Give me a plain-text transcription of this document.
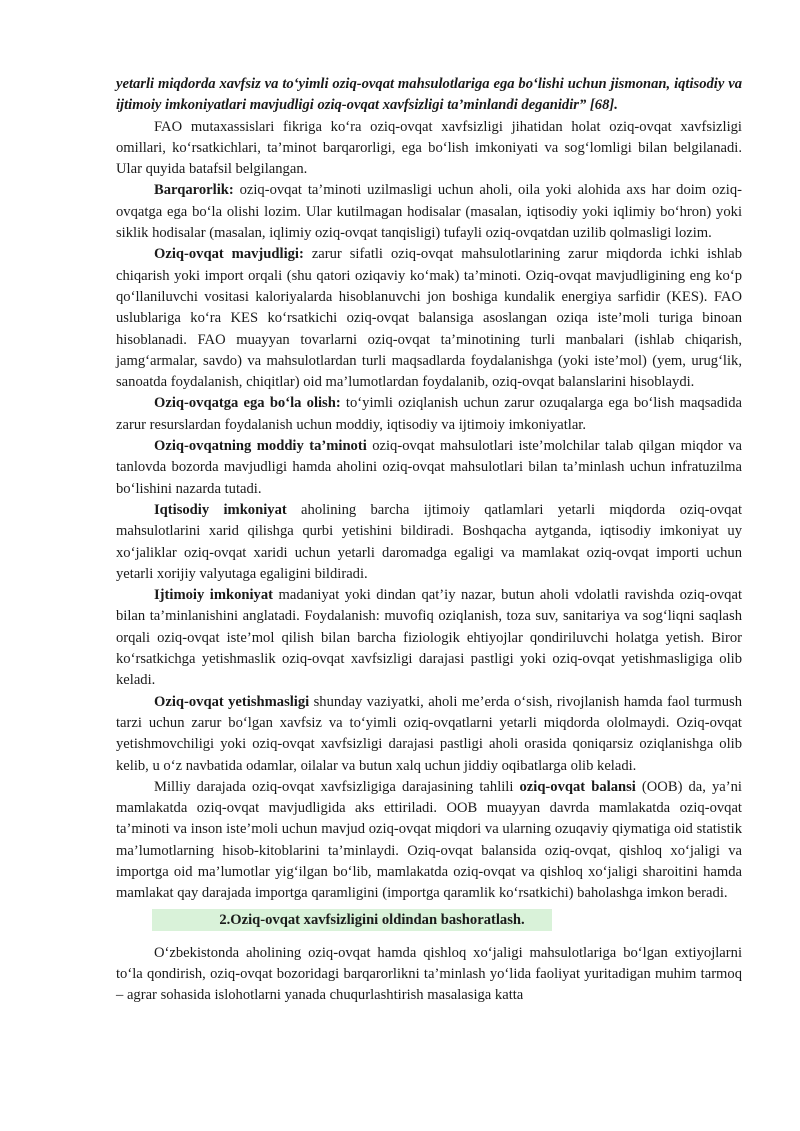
yetarli miqdorda xavfsiz va to‘yimli oziq-ovqat mahsulotlariga ega bo‘lishi uchun jismonan, iqtisodiy va ijtimoiy imkoniyatlari mavjudligi oziq-ovqat xavfsizligi ta’minlandi deganidir” [68].

FAO mutaxassislari fikriga ko‘ra oziq-ovqat xavfsizligi jihatidan holat oziq-ovqat xavfsizligi omillari, ko‘rsatkichlari, ta’minot barqarorligi, ega bo‘lish imkoniyati va sog‘lomligi bilan belgilanadi. Ular quyida batafsil belgilangan.

Barqarorlik: oziq-ovqat ta’minoti uzilmasligi uchun aholi, oila yoki alohida axs har doim oziq-ovqatga ega bo‘la olishi lozim. Ular kutilmagan hodisalar (masalan, iqtisodiy yoki iqlimiy bo‘hron) yoki siklik hodisalar (masalan, iqlimiy oziq-ovqat tanqisligi) tufayli oziq-ovqatdan uzilib qolmasligi lozim.

Oziq-ovqat mavjudligi: zarur sifatli oziq-ovqat mahsulotlarining zarur miqdorda ichki ishlab chiqarish yoki import orqali (shu qatori oziqaviy ko‘mak) ta’minoti. Oziq-ovqat mavjudligining eng ko‘p qo‘llaniluvchi vositasi kaloriyalarda hisoblanuvchi jon boshiga kundalik energiya sarfidir (KES). FAO uslublariga ko‘ra KES ko‘rsatkichi oziq-ovqat balansiga asoslangan oziqa iste’moli turiga binoan hisoblanadi. FAO muayyan tovarlarni oziq-ovqat ta’minotining turli manbalari (ishlab chiqarish, jamg‘armalar, savdo) va mahsulotlardan turli maqsadlarda foydalanishga (yoki iste’mol) (yem, urug‘lik, sanoatda foydalanish, chiqitlar) oid ma’lumotlardan foydalanib, oziq-ovqat balanslarini hisoblaydi.

Oziq-ovqatga ega bo‘la olish: to‘yimli oziqlanish uchun zarur ozuqalarga ega bo‘lish maqsadida zarur resurslardan foydalanish uchun moddiy, iqtisodiy va ijtimoiy imkoniyatlar.

Oziq-ovqatning moddiy ta’minoti oziq-ovqat mahsulotlari iste’molchilar talab qilgan miqdor va tanlovda bozorda mavjudligi hamda aholini oziq-ovqat mahsulotlari bilan ta’minlash uchun infratuzilma bo‘lishini nazarda tutadi.

Iqtisodiy imkoniyat aholining barcha ijtimoiy qatlamlari yetarli miqdorda oziq-ovqat mahsulotlarini xarid qilishga qurbi yetishini bildiradi. Boshqacha aytganda, iqtisodiy imkoniyat uy xo‘jaliklar oziq-ovqat xaridi uchun yetarli daromadga egaligi va mamlakat oziq-ovqat importi uchun yetarli xorijiy valyutaga egaligini bildiradi.

Ijtimoiy imkoniyat madaniyat yoki dindan qat’iy nazar, butun aholi vdolatli ravishda oziq-ovqat bilan ta’minlanishini anglatadi. Foydalanish: muvofiq oziqlanish, toza suv, sanitariya va sog‘liqni saqlash orqali oziq-ovqat iste’mol qilish bilan barcha fiziologik ehtiyojlar qondiriluvchi holatga yetish. Biror ko‘rsatkichga yetishmaslik oziq-ovqat xavfsizligi darajasi pastligi yoki oziq-ovqat yetishmasligiga olib keladi.

Oziq-ovqat yetishmasligi shunday vaziyatki, aholi me’erda o‘sish, rivojlanish hamda faol turmush tarzi uchun zarur bo‘lgan xavfsiz va to‘yimli oziq-ovqatlarni yetarli miqdorda ololmaydi. Oziq-ovqat yetishmovchiligi yoki oziq-ovqat xavfsizligi darajasi pastligi aholi orasida qoniqarsiz oziqlanishga olib kelib, u o‘z navbatida odamlar, oilalar va butun xalq uchun jiddiy oqibatlarga olib keladi.

Milliy darajada oziq-ovqat xavfsizligiga darajasining tahlili oziq-ovqat balansi (OOB) da, ya’ni mamlakatda oziq-ovqat mavjudligida aks ettiriladi. OOB muayyan davrda mamlakatda oziq-ovqat ta’minoti va inson iste’moli uchun mavjud oziq-ovqat miqdori va ularning ozuqaviy qiymatiga oid statistik ma’lumotlarning hisob-kitoblarini ta’minlaydi. Oziq-ovqat balansida oziq-ovqat, qishloq xo‘jaligi va importga oid ma’lumotlar yig‘ilgan bo‘lib, mamlakatda oziq-ovqat va qishloq xo‘jaligi sharoitini hamda mamlakat qay darajada importga qaramligini (importga qaramlik ko‘rsatkichi) baholashga imkon beradi.

2.Oziq-ovqat xavfsizligini oldindan bashoratlash.

O‘zbekistonda aholining oziq-ovqat hamda qishloq xo‘jaligi mahsulotlariga bo‘lgan extiyojlarni to‘la qondirish, oziq-ovqat bozoridagi barqarorlikni ta’minlash yo‘lida faoliyat yuritadigan muhim tarmoq – agrar sohasida islohotlarni yanada chuqurlashtirish masalasiga katta
